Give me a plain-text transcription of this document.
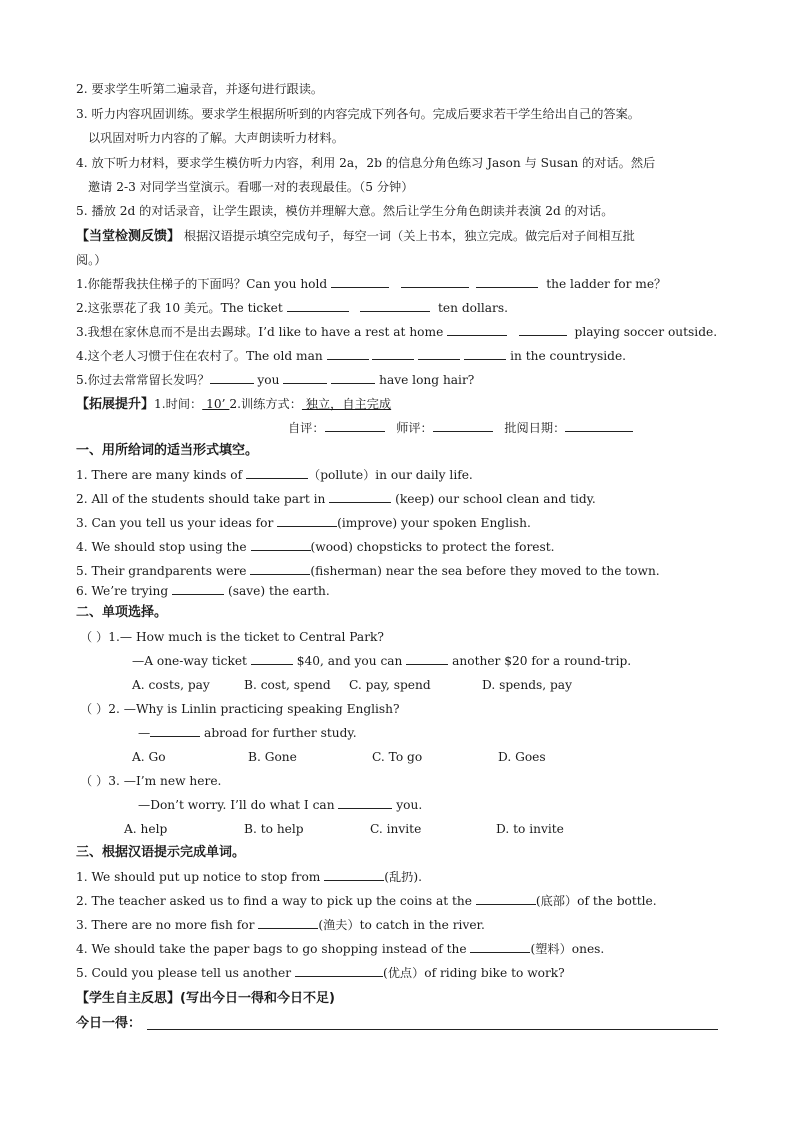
2. 要求学生听第二遍录音，并逐句进行跟读。
3. 听力内容巩固训练。要求学生根据所听到的内容完成下列各句。完成后要求若干学生给出自己的答案。
以巩固对听力内容的了解。大声朗读听力材料。
4. 放下听力材料，要求学生模仿听力内容，利用 2a，2b 的信息分角色练习 Jason 与 Susan 的对话。然后
邀请 2-3 对同学当堂演示。看哪一对的表现最佳。（5 分钟）
5. 播放 2d 的对话录音，让学生跟读，模仿并理解大意。然后让学生分角色朗读并表演 2d 的对话。
【当堂检测反馈】 根据汉语提示填空完成句子，每空一词（关上书本，独立完成。做完后对子间相互批
阅。）
1.你能帮我扶住梯子的下面吗？Can you hold	the ladder for me？
2.这张票花了我 10 美元。The ticket	ten dollars.
3.我想在家休息而不是出去踢球。I’d like to have a rest at home	playing soccer outside.
4.这个老人习惯于住在农村了。The old man	in the countryside.
5.你过去常常留长发吗？	you	have long hair?
【拓展提升】1.时间： 10’ 2.训练方式： 独立，自主完成
自评：	师评：	批阅日期：
一、用所给词的适当形式填空。
1. There are many kinds of	（pollute）in our daily life.
2. All of the students should take part in	(keep) our school clean and tidy.
3. Can you tell us your ideas for	(improve) your spoken English.
4. We should stop using the	(wood) chopsticks to protect the forest.
5. Their grandparents were	(fisherman) near the sea before they moved to the town.
6. We’re trying	(save) the earth.
二、单项选择。
（ ）1.— How much is the ticket to Central Park?
—A one-way ticket	$40, and you can	another $20 for a round-trip.
A. costs, pay	B. cost, spend C. pay, spend	D. spends, pay
（ ）2. —Why is Linlin practicing speaking English?
—	abroad for further study.
A. Go	B. Gone	C. To go	D. Goes
（ ）3. —I’m new here.
—Don’t worry. I’ll do what I can	you.
A. help	B. to help	C. invite	D. to invite
三、根据汉语提示完成单词。
1. We should put up notice to stop from	(乱扔).
2. The teacher asked us to find a way to pick up the coins at the	(底部）of the bottle.
3. There are no more fish for	(渔夫）to catch in the river.
4. We should take the paper bags to go shopping instead of the	(塑料）ones.
5. Could you please tell us another	(优点）of riding bike to work?
【学生自主反思】(写出今日一得和今日不足)
今日一得：
